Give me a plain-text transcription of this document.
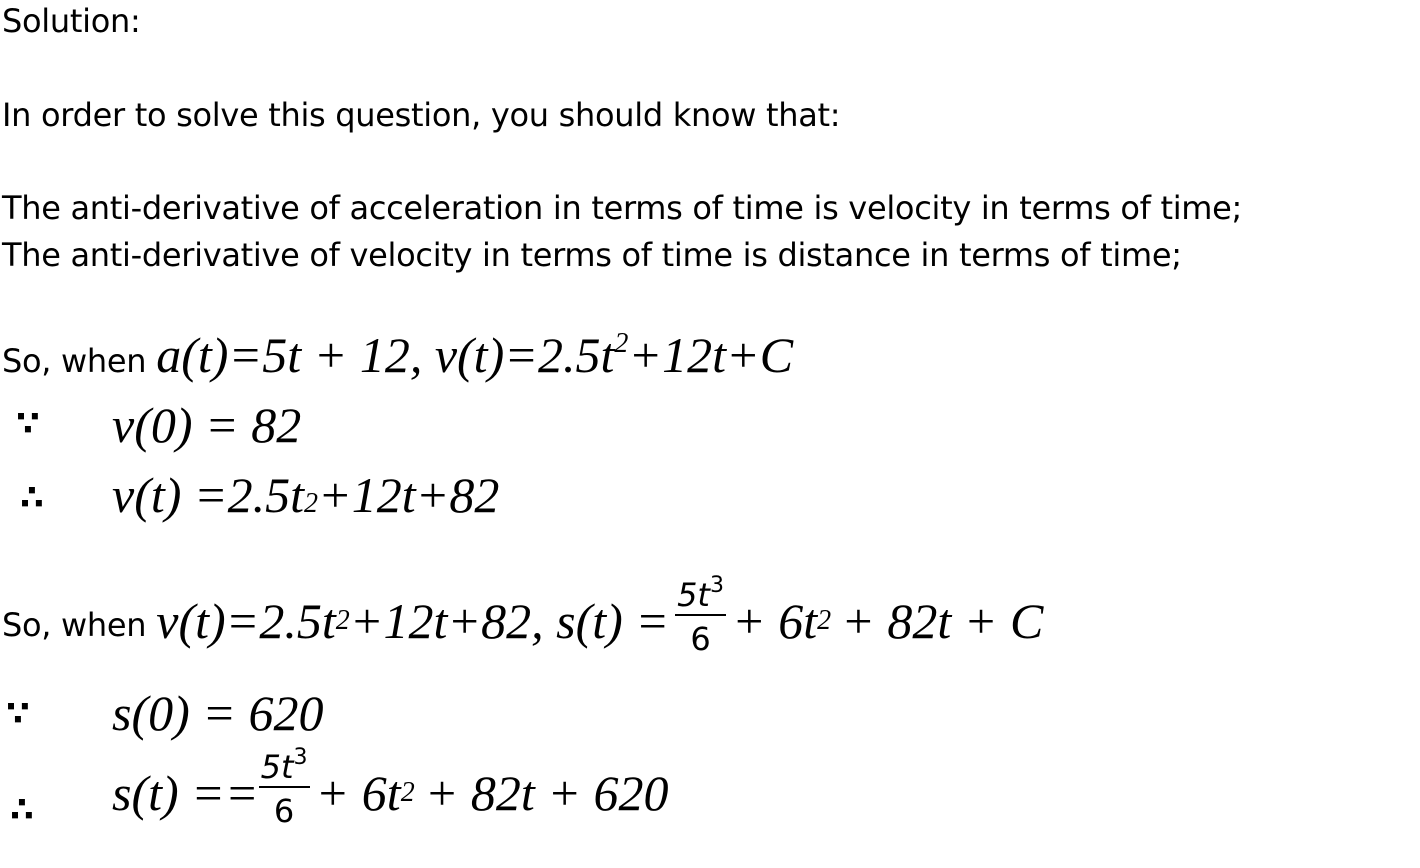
Solution:
In order to solve this question, you should know that:
The anti-derivative of acceleration in terms of time is velocity in terms of time;
The anti-derivative of velocity in terms of time is distance in terms of time;
So, when a(t)=5t + 12, $v(t)=2.5t^2+12t+C$
∵ v(0) = 82
∴ v(t) =2.5t 2 +12t+82
So, when v(t)=2.5t 2 +12t+82, $s(t) = \frac{5t^3}{6} + 6t$ 2 + 82t + C
∵ s(0) = 620
∴ $s(t) == \frac{5t^3}{6} + 6t$ 2 + 82t + 620
